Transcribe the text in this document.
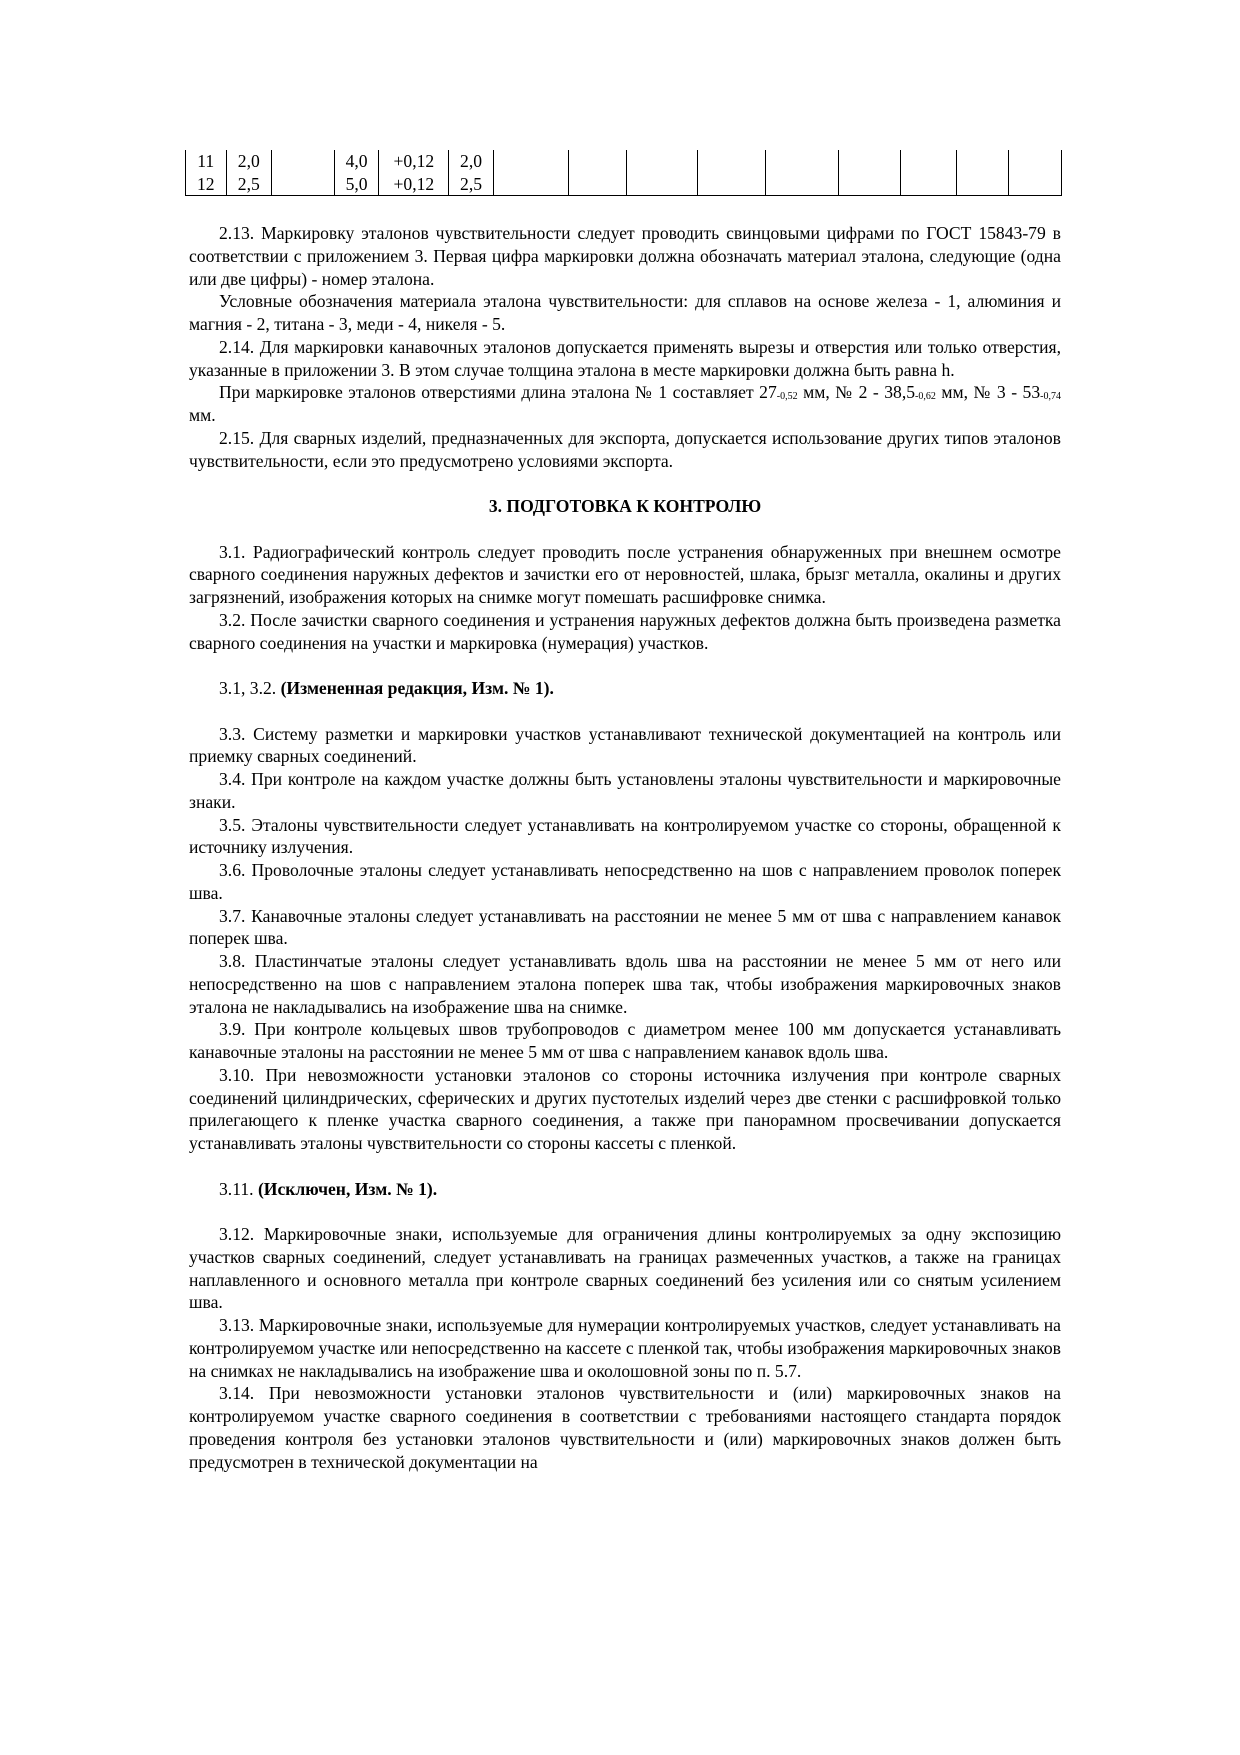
11	2,0		4,0	+0,12	2,0									
12	2,5		5,0	+0,12	2,5									

2.13. Маркировку эталонов чувствительности следует проводить свинцовыми цифрами по ГОСТ 15843-79 в соответствии с приложением 3. Первая цифра маркировки должна обозначать материал эталона, следующие (одна или две цифры) - номер эталона.

Условные обозначения материала эталона чувствительности: для сплавов на основе железа - 1, алюминия и магния - 2, титана - 3, меди - 4, никеля - 5.

2.14. Для маркировки канавочных эталонов допускается применять вырезы и отверстия или только отверстия, указанные в приложении 3. В этом случае толщина эталона в месте маркировки должна быть равна h.

При маркировке эталонов отверстиями длина эталона № 1 составляет $27_{-0,52}$ мм, № $2 - 38,5_{-0,62}$ мм, № $3 - 53_{-0,74}$ мм.

2.15. Для сварных изделий, предназначенных для экспорта, допускается использование других типов эталонов чувствительности, если это предусмотрено условиями экспорта.

3. ПОДГОТОВКА К КОНТРОЛЮ

3.1. Радиографический контроль следует проводить после устранения обнаруженных при внешнем осмотре сварного соединения наружных дефектов и зачистки его от неровностей, шлака, брызг металла, окалины и других загрязнений, изображения которых на снимке могут помешать расшифровке снимка.

3.2. После зачистки сварного соединения и устранения наружных дефектов должна быть произведена разметка сварного соединения на участки и маркировка (нумерация) участков.

3.1, 3.2. (Измененная редакция, Изм. № 1).

3.3. Систему разметки и маркировки участков устанавливают технической документацией на контроль или приемку сварных соединений.

3.4. При контроле на каждом участке должны быть установлены эталоны чувствительности и маркировочные знаки.

3.5. Эталоны чувствительности следует устанавливать на контролируемом участке со стороны, обращенной к источнику излучения.

3.6. Проволочные эталоны следует устанавливать непосредственно на шов с направлением проволок поперек шва.

3.7. Канавочные эталоны следует устанавливать на расстоянии не менее 5 мм от шва с направлением канавок поперек шва.

3.8. Пластинчатые эталоны следует устанавливать вдоль шва на расстоянии не менее 5 мм от него или непосредственно на шов с направлением эталона поперек шва так, чтобы изображения маркировочных знаков эталона не накладывались на изображение шва на снимке.

3.9. При контроле кольцевых швов трубопроводов с диаметром менее 100 мм допускается устанавливать канавочные эталоны на расстоянии не менее 5 мм от шва с направлением канавок вдоль шва.

3.10. При невозможности установки эталонов со стороны источника излучения при контроле сварных соединений цилиндрических, сферических и других пустотелых изделий через две стенки с расшифровкой только прилегающего к пленке участка сварного соединения, а также при панорамном просвечивании допускается устанавливать эталоны чувствительности со стороны кассеты с пленкой.

3.11. (Исключен, Изм. № 1).

3.12. Маркировочные знаки, используемые для ограничения длины контролируемых за одну экспозицию участков сварных соединений, следует устанавливать на границах размеченных участков, а также на границах наплавленного и основного металла при контроле сварных соединений без усиления или со снятым усилением шва.

3.13. Маркировочные знаки, используемые для нумерации контролируемых участков, следует устанавливать на контролируемом участке или непосредственно на кассете с пленкой так, чтобы изображения маркировочных знаков на снимках не накладывались на изображение шва и околошовной зоны по п. 5.7.

3.14. При невозможности установки эталонов чувствительности и (или) маркировочных знаков на контролируемом участке сварного соединения в соответствии с требованиями настоящего стандарта порядок проведения контроля без установки эталонов чувствительности и (или) маркировочных знаков должен быть предусмотрен в технической документации на
